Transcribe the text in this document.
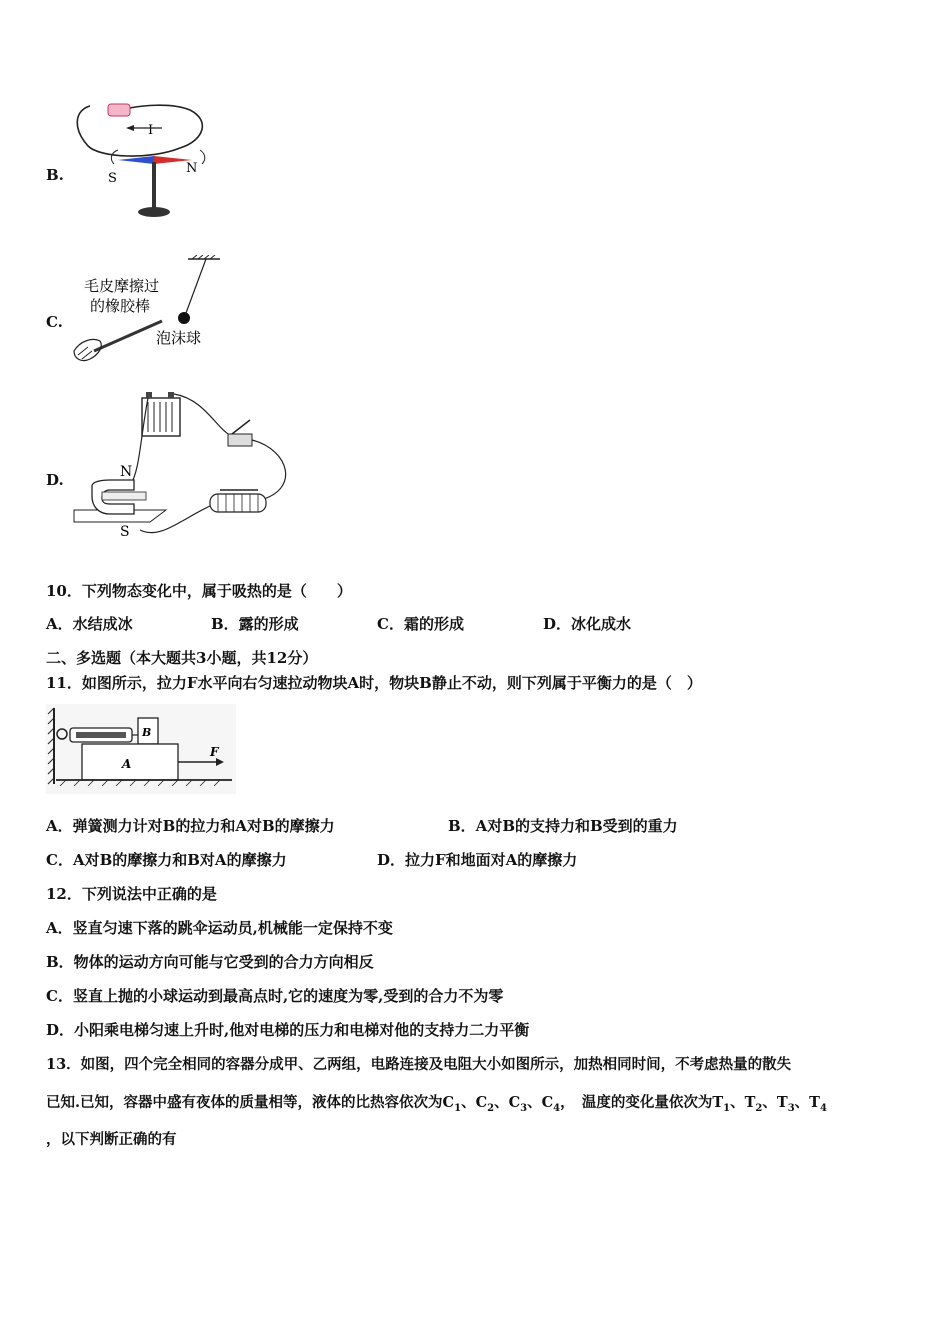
B.
I
S
N
C.
毛皮摩擦过
的橡胶棒
泡沫球
D.	N
S
10．下列物态变化中，属于吸热的是（　　）
A．水结成冰	B．露的形成	C．霜的形成	D．冰化成水
二、多选题（本大题共3小题，共12分）
11．如图所示，拉力F水平向右匀速拉动物块A时，物块B静止不动，则下列属于平衡力的是（　）
B
A
F
A．弹簧测力计对B的拉力和A对B的摩擦力	B．A对B的支持力和B受到的重力
C．A对B的摩擦力和B对A的摩擦力	D．拉力F和地面对A的摩擦力
12．下列说法中正确的是
A．竖直匀速下落的跳伞运动员,机械能一定保持不变
B．物体的运动方向可能与它受到的合力方向相反
C．竖直上抛的小球运动到最高点时,它的速度为零,受到的合力不为零
D．小阳乘电梯匀速上升时,他对电梯的压力和电梯对他的支持力二力平衡
13．如图，四个完全相同的容器分成甲、乙两组，电路连接及电阻大小如图所示，加热相同时间，不考虑热量的散失
已知.已知，容器中盛有夜体的质量相等，液体的比热容依次为$C_1$、$C_2$、$C_3$、$C_4$，　温度的变化量依次为$T_1$、$T_2$、$T_3$、$T_4$
，以下判断正确的有
